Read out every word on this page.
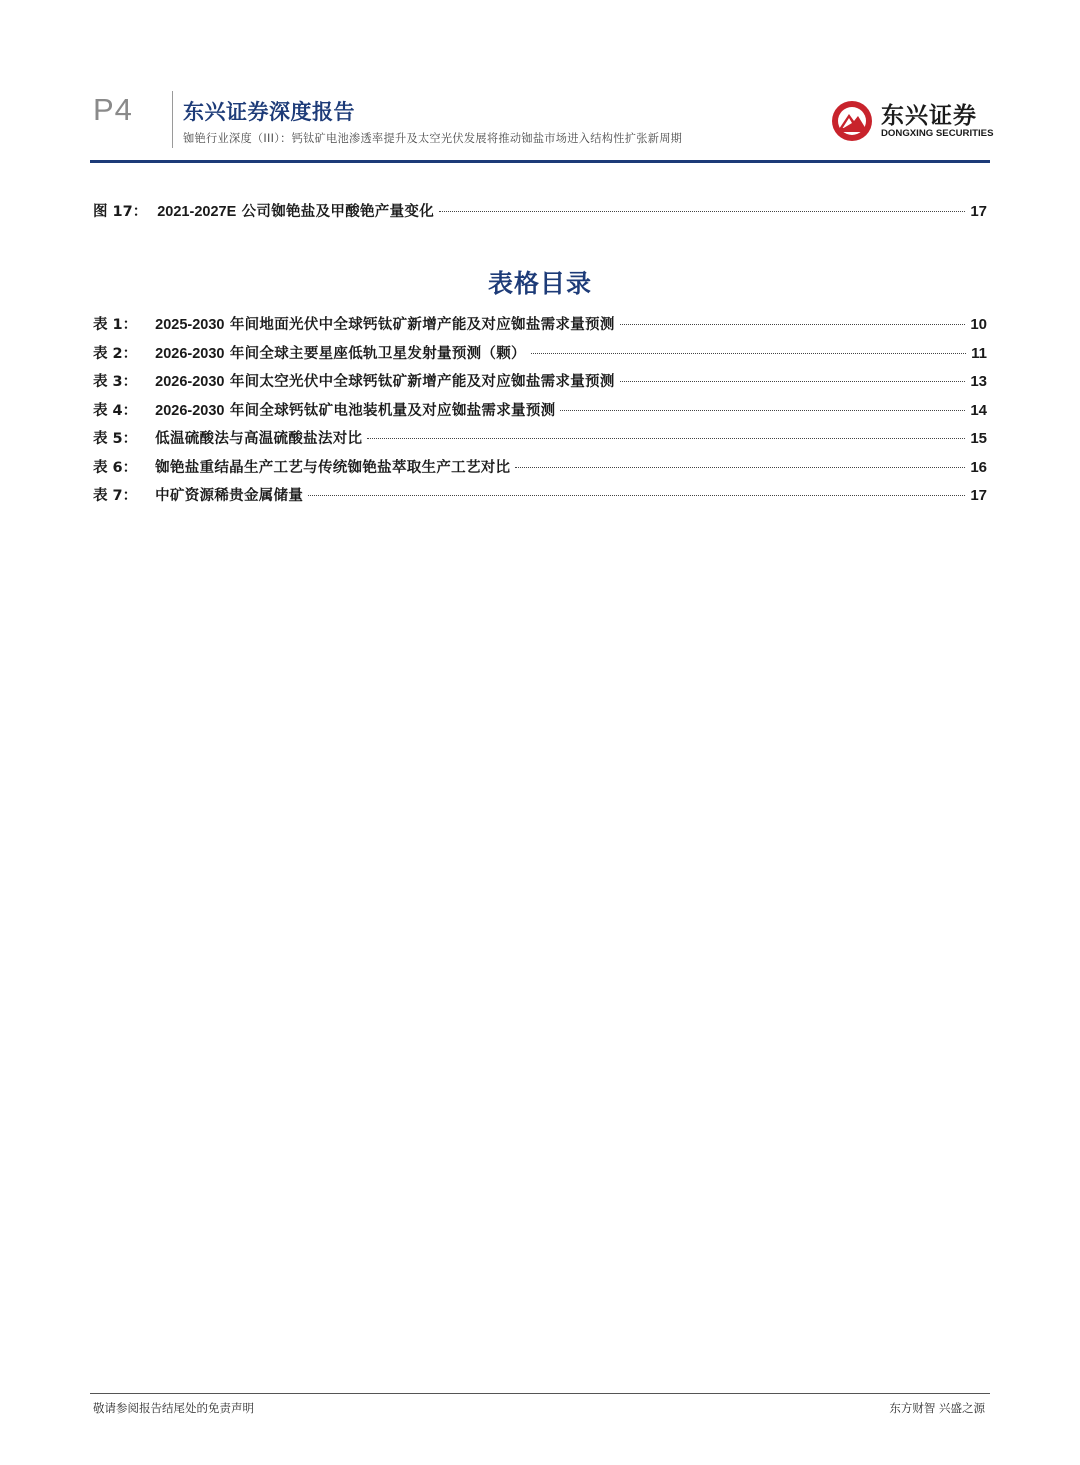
P4 东兴证券深度报告
铷铯行业深度（III）：钙钛矿电池渗透率提升及太空光伏发展将推动铷盐市场进入结构性扩张新周期
东兴证券
DONGXING SECURITIES
图 17： 2021-2027E 公司铷铯盐及甲酸铯产量变化	17
表格目录
表 1： 2025-2030 年间地面光伏中全球钙钛矿新增产能及对应铷盐需求量预测	10
表 2： 2026-2030 年间全球主要星座低轨卫星发射量预测（颗）	11
表 3： 2026-2030 年间太空光伏中全球钙钛矿新增产能及对应铷盐需求量预测	13
表 4： 2026-2030 年间全球钙钛矿电池装机量及对应铷盐需求量预测	14
表 5： 低温硫酸法与高温硫酸盐法对比	15
表 6： 铷铯盐重结晶生产工艺与传统铷铯盐萃取生产工艺对比	16
表 7： 中矿资源稀贵金属储量	17
敬请参阅报告结尾处的免责声明	东方财智 兴盛之源
